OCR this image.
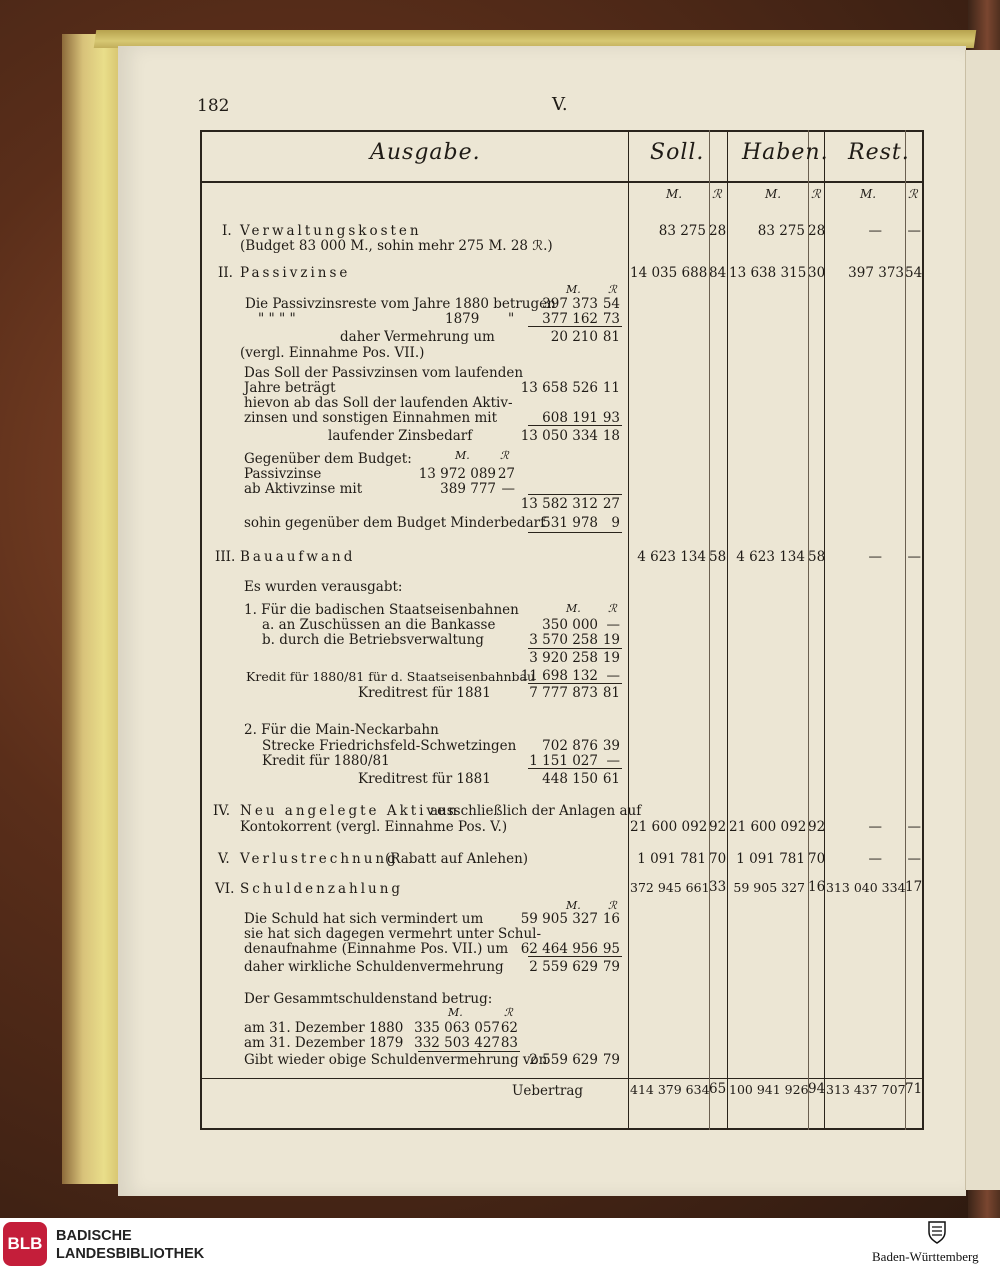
182	V.
Ausgabe.	Soll. Haben. Rest.
M. ℛ	M. ℛ	M.	ℛ
I. Verwaltungskosten
(Budget 83 000 M., sohin mehr 275 M. 28 ℛ.)
83 275 28	83 275 28	— —
II. Passivzinse	14 035 688 84 13 638 315 30	397 373 54
M. ℛ
Die Passivzinsreste vom Jahre 1880 betrugen
397 373 54
" " " "	1879 "	377 162 73
daher Vermehrung um	20 210 81
(vergl. Einnahme Pos. VII.)
Das Soll der Passivzinsen vom laufenden
Jahre beträgt	13 658 526 11
hievon ab das Soll der laufenden Aktiv-
zinsen und sonstigen Einnahmen mit	608 191 93
laufender Zinsbedarf	13 050 334 18
Gegenüber dem Budget:	M.	ℛ
Passivzinse	13 972 089 27
ab Aktivzinse mit	389 777 —
13 582 312 27
sohin gegenüber dem Budget Minderbedarf
531 978 9
III. Bauaufwand	4 623 134 58 4 623 134 58	— —
Es wurden verausgabt:
M. ℛ
1. Für die badischen Staatseisenbahnen
a. an Zuschüssen an die Bankasse	350 000 —
b. durch die Betriebsverwaltung	3 570 258 19
3 920 258 19
Kredit für 1880/81 für d. Staatseisenbahnbau
11 698 132 —
Kreditrest für 1881	7 777 873 81
2. Für die Main-Neckarbahn
Strecke Friedrichsfeld-Schwetzingen	702 876 39
Kredit für 1880/81	1 151 027 —
Kreditrest für 1881	448 150 61
IV. Neu angelegte Aktiven
ausschließlich der Anlagen auf
Kontokorrent (vergl. Einnahme Pos. V.)	21 600 092 92 21 600 092 92	— —
V. Verlustrechnung
(Rabatt auf Anlehen)	1 091 781 70 1 091 781 70	— —
VI. Schuldenzahlung	372 945 661 33 59 905 327 16 313 040 334 17
M. ℛ
Die Schuld hat sich vermindert um	59 905 327 16
sie hat sich dagegen vermehrt unter Schul-
denaufnahme (Einnahme Pos. VII.) um 62 464 956 95
daher wirkliche Schuldenvermehrung	2 559 629 79
Der Gesammtschuldenstand betrug:
M.	ℛ
am 31. Dezember 1880 335 063 057 62
am 31. Dezember 1879 332 503 427 83
Gibt wieder obige Schuldenvermehrung von
2 559 629 79
Uebertrag	414 379 634 65 100 941 926 94 313 437 707 71
BLB BADISCHE
LANDESBIBLIOTHEK	Baden-Württemberg
